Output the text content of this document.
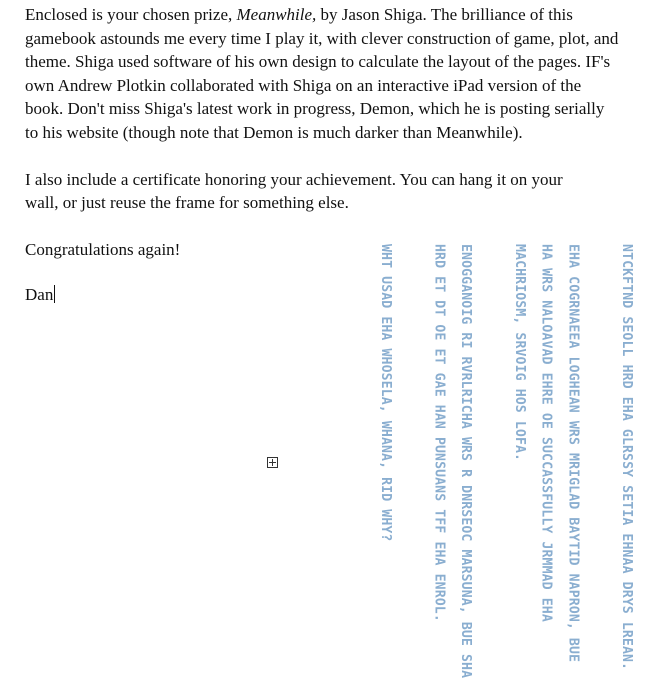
Enclosed is your chosen prize, Meanwhile, by Jason Shiga. The brilliance of this gamebook astounds me every time I play it, with clever construction of game, plot, and theme. Shiga used software of his own design to calculate the layout of the pages. IF's own Andrew Plotkin collaborated with Shiga on an interactive iPad version of the book. Don't miss Shiga's latest work in progress, Demon, which he is posting serially to his website (though note that Demon is much darker than Meanwhile).

I also include a certificate honoring your achievement. You can hang it on your wall, or just reuse the frame for something else.

Congratulations again!

Dan	NTCKFTND SEOLL HRD EHA GLRSSY SETIA EHNAA DRYS LREAN.
EHA COGRNAEEA LOGHEAN WRS MRIGLAD BAYTID NAPRON, BUE HA WRS NALOAVAD EHRE OE SUCCASSFULLY JRMMAD EHA MACHRIOSM, SRVOIG HOS LOFA.
ENOGGANOIG RI RVRLRICHA WRS R DNRSEOC MARSUNA, BUE SHA HRD ET DT OE ET GAE HAN PUNSUANS TFF EHA ENROL.
WHT USAD EHA WHOSELA, WHANA, RID WHY?
